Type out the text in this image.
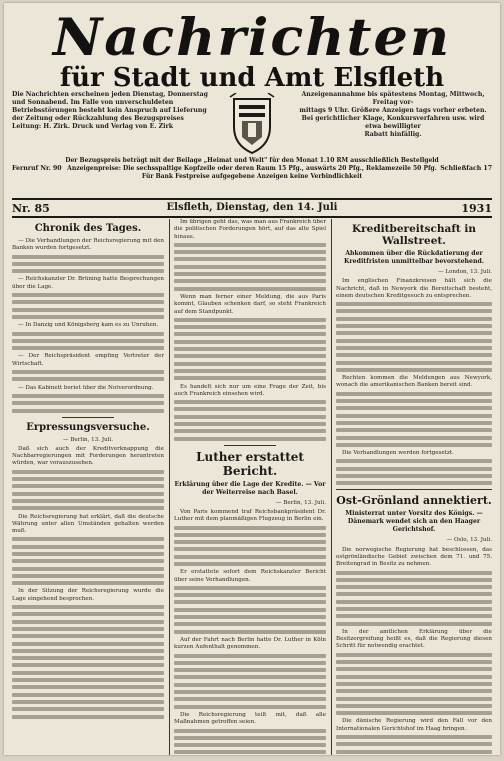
Nachrichten
für Stadt und Amt Elsfleth
Die Nachrichten erscheinen jeden Dienstag, Donnerstag und Sonnabend. Im Falle von unverschuldeten Betriebsstörungen besteht kein Anspruch auf Lieferung der Zeitung oder Rückzahlung des Bezugspreises Leitung: H. Zirk. Druck und Verlag von E. Zirk
Anzeigenannahme bis spätestens Montag, Mittwoch, Freitag vor-
mittags 9 Uhr. Größere Anzeigen tags vorher erbeten.
Bei gerichtlicher Klage, Konkursverfahren usw. wird etwa bewilligter
Rabatt hinfällig.
Der Bezugspreis beträgt mit der Beilage „Heimat und Welt" für den Monat 1.10 RM ausschließlich Bestellgeld
Anzeigenpreise: Die sechsspaltige Kopfzeile oder deren Raum 15 Pfg., auswärts 20 Pfg., Reklamezeile 50 Pfg.
Für Bank Festpreise aufgegebene Anzeigen keine Verbindlichkeit
Fernruf Nr. 90	Schließfach 17
Nr. 85	Elsfleth, Dienstag, den 14. Juli	1931
Chronik des Tages.

— Die Verhandlungen der Reichsregierung mit den Banken wurden fortgesetzt.

— Reichskanzler Dr. Brüning hatte Besprechungen über die Lage.

— In Danzig und Königsberg kam es zu Unruhen.

— Der Reichspräsident empfing Vertreter der Wirtschaft.

— Das Kabinett beriet über die Notverordnung.

Erpressungsversuche.

— Berlin, 13. Juli.

Daß sich auch der Kreditverknappung die Nachbarregierungen mit Forderungen herantreten würden, war vorauszusehen.

Die Reichsregierung hat erklärt, daß die deutsche Währung unter allen Umständen gehalten werden muß.

In der Sitzung der Reichsregierung wurde die Lage eingehend besprochen.

Im übrigen geht das, was man aus Frankreich über die politischen Forderungen hört, auf das alte Spiel hinaus.

Wenn man ferner einer Meldung, die aus Paris kommt, Glauben schenken darf, so steht Frankreich auf dem Standpunkt.

Es handelt sich nur um eine Frage der Zeit, bis auch Frankreich einsehen wird.

Luther erstattet Bericht.
Erklärung über die Lage der Kredite. — Vor der Weiterreise nach Basel.

— Berlin, 13. Juli.

Von Paris kommend traf Reichsbankpräsident Dr. Luther mit dem planmäßigen Flugzeug in Berlin ein.

Er erstattete sofort dem Reichskanzler Bericht über seine Verhandlungen.

Auf der Fahrt nach Berlin hatte Dr. Luther in Köln kurzen Aufenthalt genommen.

Die Reichsregierung teilt mit, daß alle Maßnahmen getroffen seien.

Kreditbereitschaft in Wallstreet.
Abkommen über die Rückdatierung der Kreditfristen unmittelbar bevorstehend.

— London, 13. Juli.

Im englischen Finanzkreisen hält sich die Nachricht, daß in Newyork die Bereitschaft besteht, einem deutschen Kreditgesuch zu entsprechen.

Rechten kommen die Meldungen aus Newyork, wonach die amerikanischen Banken bereit sind.

Die Verhandlungen werden fortgesetzt.

Ost-Grönland annektiert.
Ministerrat unter Vorsitz des Königs. — Dänemark wendet sich an den Haager Gerichtshof.

— Oslo, 13. Juli.

Die norwegische Regierung hat beschlossen, das ostgrönländische Gebiet zwischen dem 71. und 75. Breitengrad in Besitz zu nehmen.

In der amtlichen Erklärung über die Besitzergreifung heißt es, daß die Regierung diesen Schritt für notwendig erachtet.

Die dänische Regierung wird den Fall vor den Internationalen Gerichtshof im Haag bringen.
